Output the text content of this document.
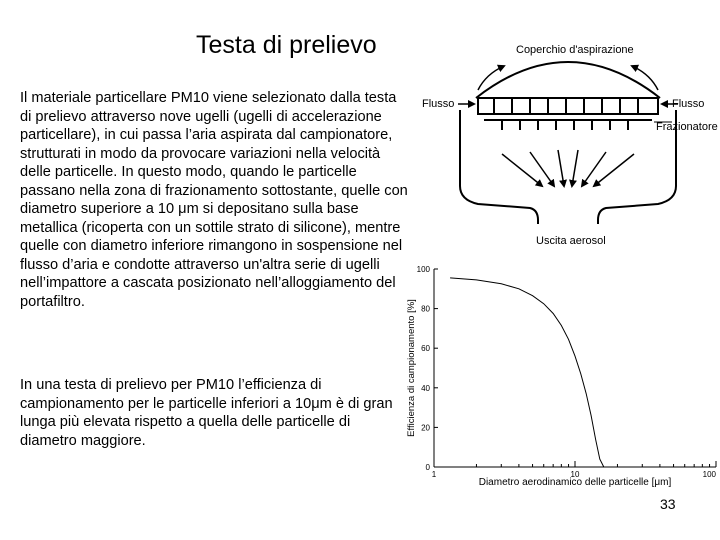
Testa di prelievo
Il materiale particellare PM10 viene selezionato dalla testa di prelievo attraverso nove ugelli (ugelli di accelerazione particellare), in cui passa l’aria aspirata dal campionatore, strutturati in modo da provocare variazioni nella velocità delle particelle. In questo modo, quando le particelle passano nella zona di frazionamento sottostante, quelle con diametro superiore a 10 μm si depositano sulla base metallica (ricoperta con un sottile strato di silicone), mentre quelle con diametro inferiore rimangono in sospensione nel flusso d’aria e condotte attraverso un'altra serie di ugelli nell’impattore a cascata posizionato nell’alloggiamento del portafiltro.
In una testa di prelievo per PM10 l’efficienza di campionamento per le particelle inferiori a 10μm è di gran lunga più elevata rispetto a quella delle particelle di diametro maggiore.
Coperchio d'aspirazione
Flusso	Flusso
Frazionatore
Uscita aerosol
0
20
40
60
80
100
1	10	100
Efficienza di campionamento [%]
Diametro aerodinamico delle particelle [μm]
33
